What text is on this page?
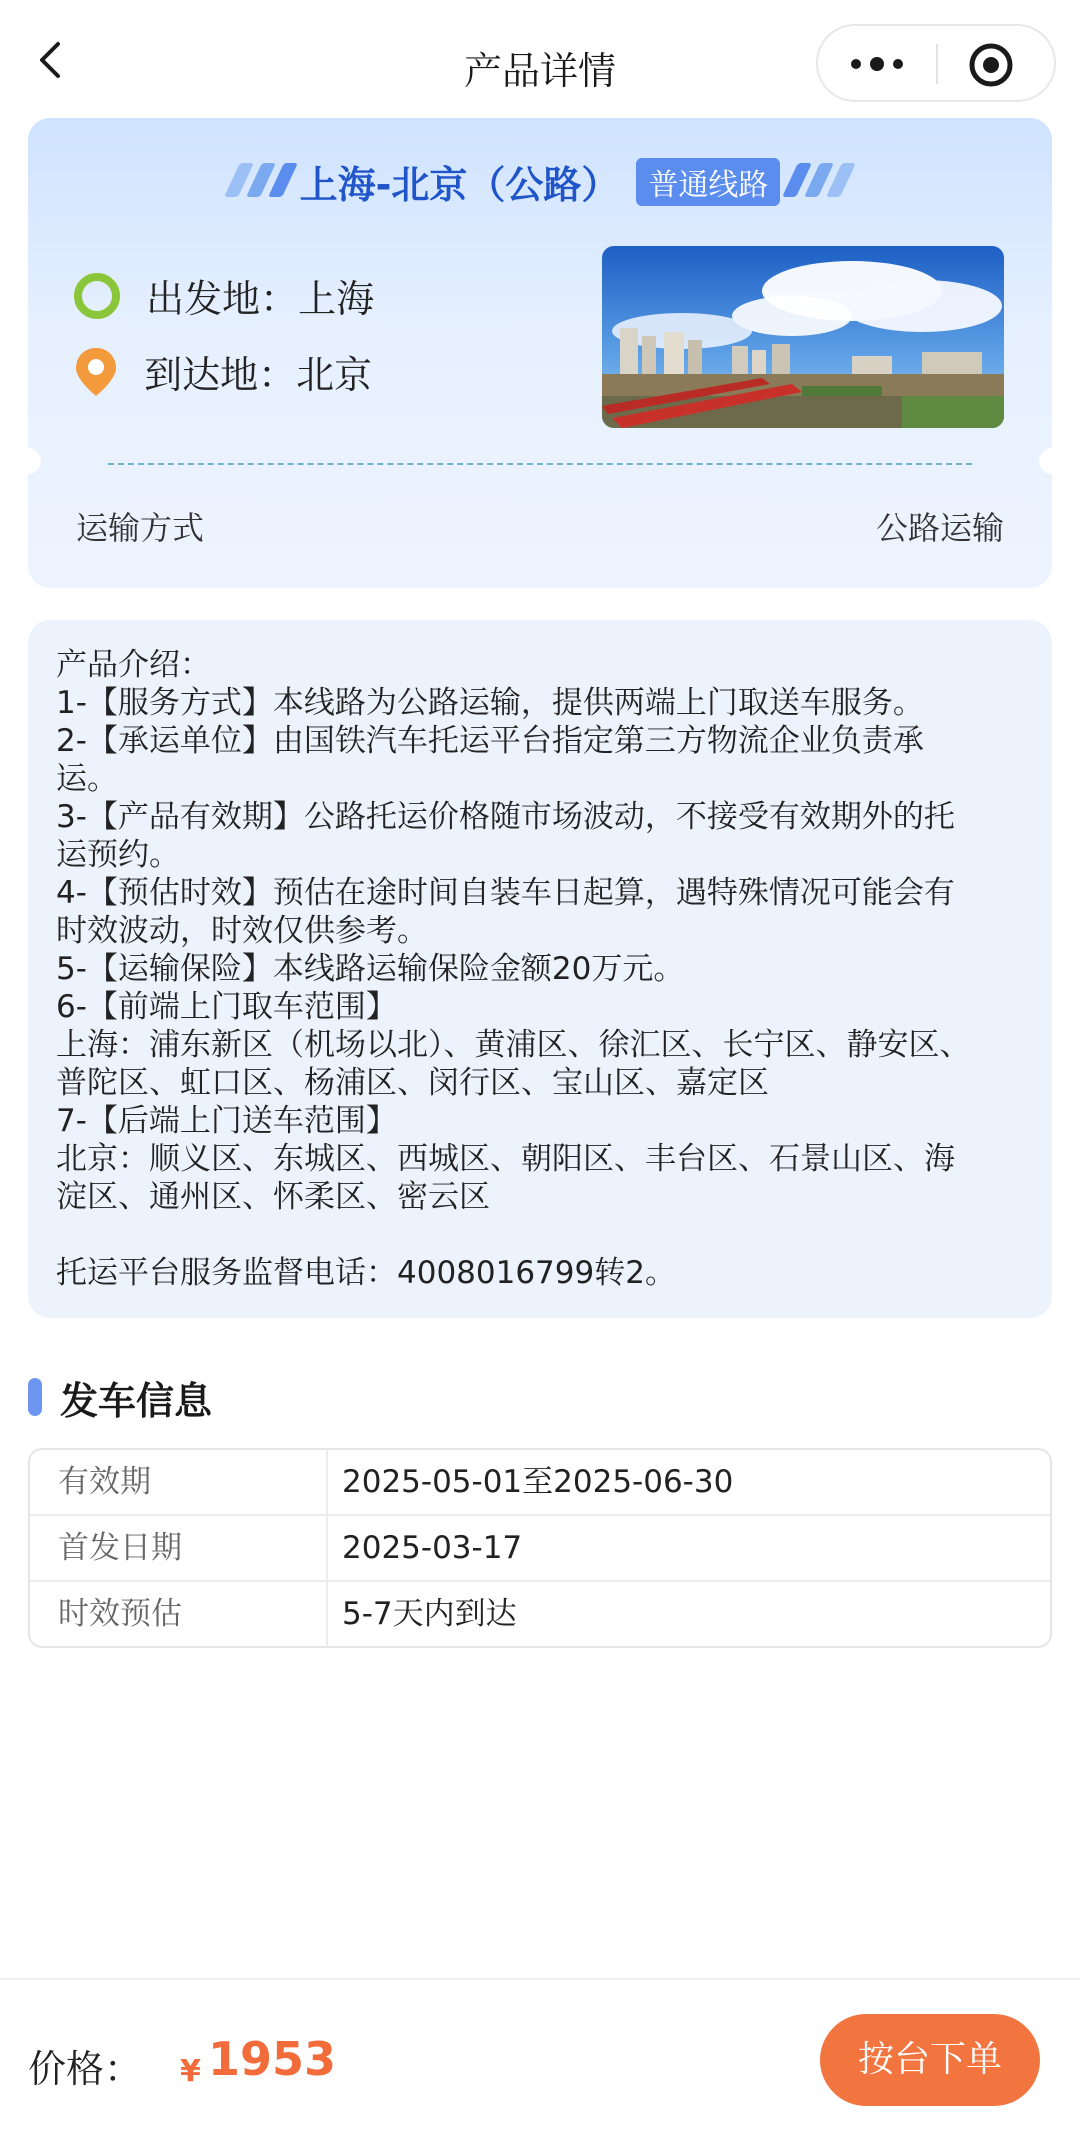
产品详情
上海-北京（公路） 普通线路
出发地：上海
到达地：北京
运输方式	公路运输
产品介绍：
1-【服务方式】本线路为公路运输，提供两端上门取送车服务。
2-【承运单位】由国铁汽车托运平台指定第三方物流企业负责承
运。
3-【产品有效期】公路托运价格随市场波动，不接受有效期外的托
运预约。
4-【预估时效】预估在途时间自装车日起算，遇特殊情况可能会有
时效波动，时效仅供参考。
5-【运输保险】本线路运输保险金额20万元。
6-【前端上门取车范围】
上海：浦东新区（机场以北）、黄浦区、徐汇区、长宁区、静安区、
普陀区、虹口区、杨浦区、闵行区、宝山区、嘉定区
7-【后端上门送车范围】
北京：顺义区、东城区、西城区、朝阳区、丰台区、石景山区、海
淀区、通州区、怀柔区、密云区
托运平台服务监督电话：4008016799转2。
发车信息
有效期	2025-05-01至2025-06-30
首发日期	2025-03-17
时效预估	5-7天内到达
价格： ¥ 1953	按台下单
